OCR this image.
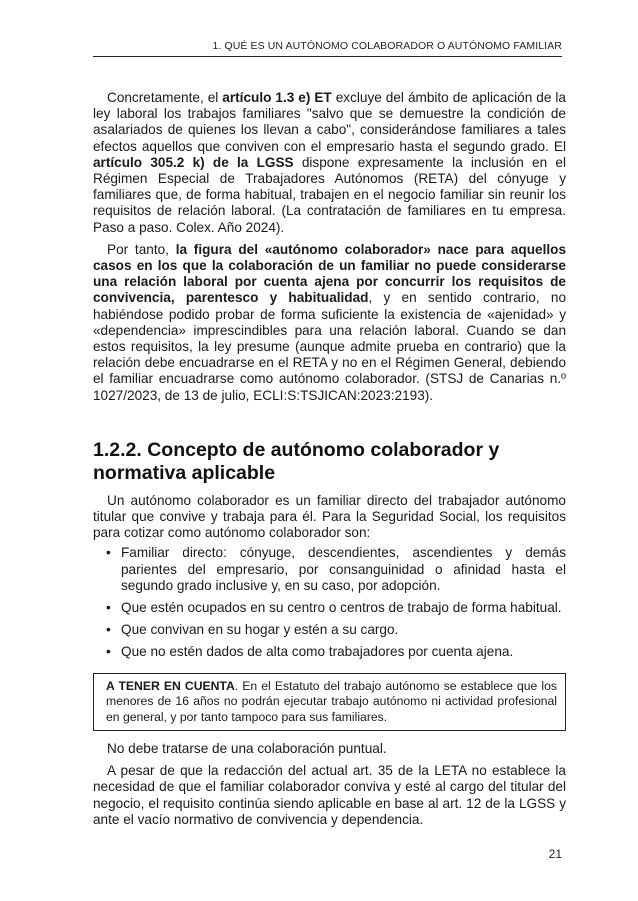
1. QUÉ ES UN AUTÓNOMO COLABORADOR O AUTÓNOMO FAMILIAR

Concretamente, el artículo 1.3 e) ET excluye del ámbito de aplicación de la ley laboral los trabajos familiares "salvo que se demuestre la condición de asalariados de quienes los llevan a cabo", considerándose familiares a tales efectos aquellos que conviven con el empresario hasta el segundo grado. El artículo 305.2 k) de la LGSS dispone expresamente la inclusión en el Régimen Especial de Trabajadores Autónomos (RETA) del cónyuge y familiares que, de forma habitual, trabajen en el negocio familiar sin reunir los requisitos de relación laboral. (La contratación de familiares en tu empresa. Paso a paso. Colex. Año 2024).

Por tanto, la figura del «autónomo colaborador» nace para aquellos casos en los que la colaboración de un familiar no puede considerarse una relación laboral por cuenta ajena por concurrir los requisitos de convivencia, parentesco y habitualidad, y en sentido contrario, no habiéndose podido probar de forma suficiente la existencia de «ajenidad» y «dependencia» imprescindibles para una relación laboral. Cuando se dan estos requisitos, la ley presume (aunque admite prueba en contrario) que la relación debe encuadrarse en el RETA y no en el Régimen General, debiendo el familiar encuadrarse como autónomo colaborador. (STSJ de Canarias n.º 1027/2023, de 13 de julio, ECLI:S:TSJICAN:2023:2193).

1.2.2. Concepto de autónomo colaborador y normativa aplicable

Un autónomo colaborador es un familiar directo del trabajador autónomo titular que convive y trabaja para él. Para la Seguridad Social, los requisitos para cotizar como autónomo colaborador son:

• Familiar directo: cónyuge, descendientes, ascendientes y demás parientes del empresario, por consanguinidad o afinidad hasta el segundo grado inclusive y, en su caso, por adopción.
• Que estén ocupados en su centro o centros de trabajo de forma habitual.
• Que convivan en su hogar y estén a su cargo.
• Que no estén dados de alta como trabajadores por cuenta ajena.
A TENER EN CUENTA. En el Estatuto del trabajo autónomo se establece que los menores de 16 años no podrán ejecutar trabajo autónomo ni actividad profesional en general, y por tanto tampoco para sus familiares.

No debe tratarse de una colaboración puntual.

A pesar de que la redacción del actual art. 35 de la LETA no establece la necesidad de que el familiar colaborador conviva y esté al cargo del titular del negocio, el requisito continúa siendo aplicable en base al art. 12 de la LGSS y ante el vacío normativo de convivencia y dependencia.

21
